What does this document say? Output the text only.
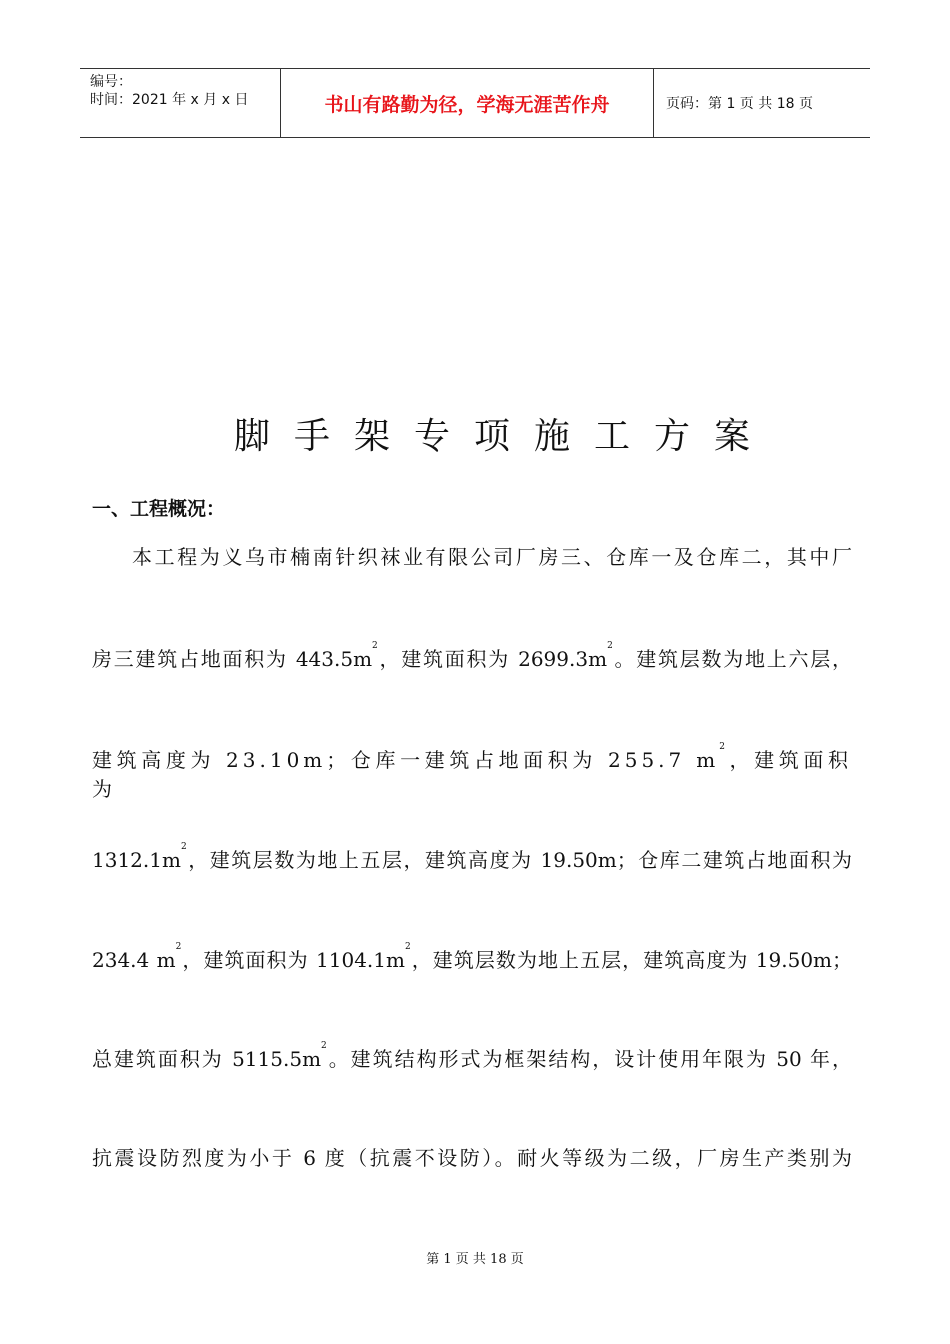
编号：
时间：2021 年 x 月 x 日	书山有路勤为径，学海无涯苦作舟	页码：第 1 页 共 18 页
脚手架专项施工方案
一、工程概况：
本工程为义乌市楠南针织袜业有限公司厂房三、仓库一及仓库二，其中厂
房三建筑占地面积为 $443.5m^2$，建筑面积为 $2699.3m^2$。建筑层数为地上六层，
建筑高度为 23.10m；仓库一建筑占地面积为 255.7 $m^2$，建筑面积为
$1312.1m^2$，建筑层数为地上五层，建筑高度为 19.50m；仓库二建筑占地面积为
234.4 $m^2$，建筑面积为 $1104.1m^2$，建筑层数为地上五层，建筑高度为 19.50m；
总建筑面积为 $5115.5m^2$。建筑结构形式为框架结构，设计使用年限为 50 年，
抗震设防烈度为小于 6 度（抗震不设防）。耐火等级为二级，厂房生产类别为
第 1 页 共 18 页
